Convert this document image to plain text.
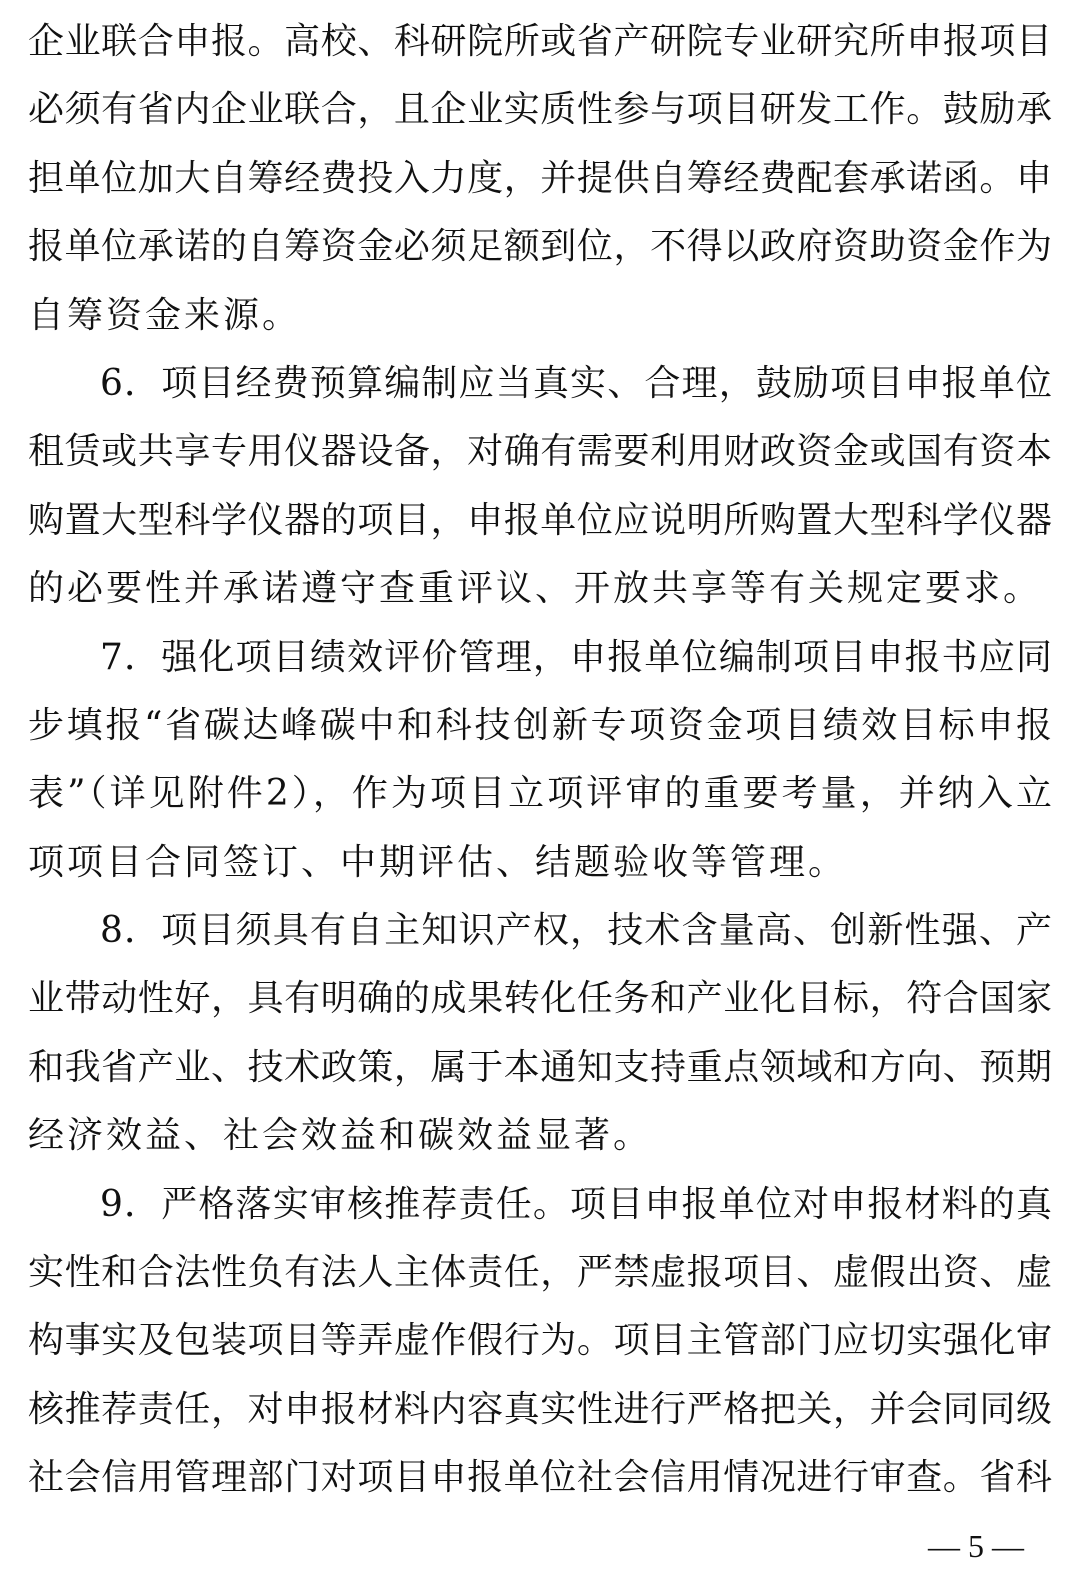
企业联合申报。高校、科研院所或省产研院专业研究所申报项目
必须有省内企业联合，且企业实质性参与项目研发工作。鼓励承
担单位加大自筹经费投入力度，并提供自筹经费配套承诺函。申
报单位承诺的自筹资金必须足额到位，不得以政府资助资金作为
自筹资金来源。
6．项目经费预算编制应当真实、合理，鼓励项目申报单位
租赁或共享专用仪器设备，对确有需要利用财政资金或国有资本
购置大型科学仪器的项目，申报单位应说明所购置大型科学仪器
的必要性并承诺遵守查重评议、开放共享等有关规定要求。
7．强化项目绩效评价管理，申报单位编制项目申报书应同
步填报“省碳达峰碳中和科技创新专项资金项目绩效目标申报
表”（详见附件2），作为项目立项评审的重要考量，并纳入立
项项目合同签订、中期评估、结题验收等管理。
8．项目须具有自主知识产权，技术含量高、创新性强、产
业带动性好，具有明确的成果转化任务和产业化目标，符合国家
和我省产业、技术政策，属于本通知支持重点领域和方向、预期
经济效益、社会效益和碳效益显著。
9．严格落实审核推荐责任。项目申报单位对申报材料的真
实性和合法性负有法人主体责任，严禁虚报项目、虚假出资、虚
构事实及包装项目等弄虚作假行为。项目主管部门应切实强化审
核推荐责任，对申报材料内容真实性进行严格把关，并会同同级
社会信用管理部门对项目申报单位社会信用情况进行审查。省科
— 5 —
